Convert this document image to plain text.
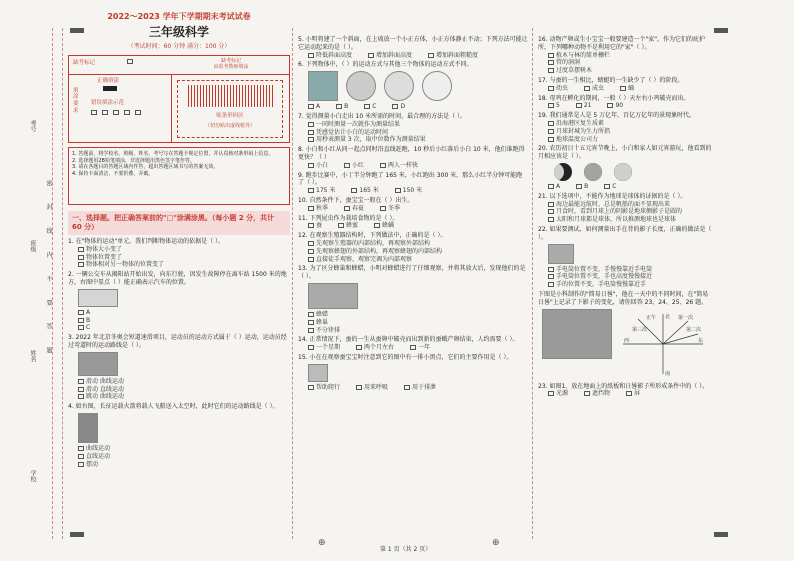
⊕	⊕
考号
班级
姓名
学校
密 封 线 内 不 要 答 题
2022～2023 学年下学期期末考试试卷
三年级科学
（考试时间：60 分钟 满分：100 分）
缺考标记	缺考标记
由监考教师填涂
填涂要求
正确填涂
错误填涂示范
贴条形码区
（切勿贴出虚线框外）
1. 答题前，将学校名、班级、姓名、考号写在答题卡规定位置，并认真核对条形码上信息。
2. 选择题用2B铅笔填涂，非选择题用黑色签字笔作答。
3. 请在各题目的答题区域内作答，超出答题区域书写的答案无效。
4. 保持卡面清洁，不要折叠、弄破。
一、选择题。把正确答案前的"□"涂满涂黑。（每小题 2 分，共计 60 分）
1. 在"物体的运动"单元，我们判断物体运动的依据是（ ）。
物体大小变了
物体位置变了
物体相对另一物体的位置变了
2. 一辆公交车从揭阳站开始出发，向东行驶，因发生故障停在离车站 1500 米的地方，右图中显点（ ）能正确表示汽车的位置。
A
B
C
3. 2022 年北京冬奥会短道速滑项目，运动员的运动方式属于（ ）运动，运动员经过弯道时的运动路线是（ ）。
滑动 曲线运动
滑动 直线运动
跳动 曲线运动
4. 如右图，长征运载火箭将载人飞船送入太空时，此时它们的运动路线是（ ）。
曲线运动
直线运动
摆动
5. 小明将建了一个斜面，在上坡放一个小正方体，小正方体静止不动；下列方法可能让它运动起来的是（ ）。
降低斜面高度	增加斜面高度	增加斜面粗糙度
6. 下列物体中，（ ）的运动方式与其他三个物体的运动方式不同。
A	B	C	D
7. 觉得测量小白走出 10 米所需的时间，最合理的方法是（ ）。
一同时测量一次就作为测量结果
凭感觉估计小白的运动时间
用秒表测量 3 次，取中位数作为测量结果
8. 小白和小红从同一起点同时沿直线赶跑，10 秒后小红落后小白 10 米，他们谁跑得更快？（ ）
小白	小红	两人一样快
9. 跑步比赛中，小丁半分钟跑了 165 米，小红跑出 300 米，那么小红半分钟可能跑了（ ）。
175 米	165 米	150 米
10. 自然条件下，蚕宝宝一般在（ ）出生。
秋季	春夏	冬季
11. 下列昆虫作为栽培食物的是（ ）。
蚕	蜂蜜	蜂螨
12. 在观察生殖器结构时，下列做法中，正确的是（ ）。
先观察生殖器的内部结构，再观察外部结构
先观察蜂翅的外部结构，再观察蜂翅的内部结构
直接徒手观察，观察完调为内部观察
13. 为了区分蜂巢和蜂蜡，小明对蜂蜡进行了仔细观察，并将其放大后，发现他们的是（ ）。
蜂蜡
蜂巢
不分律排
14. 正常情况下，蚕的一生从蚕卵中破壳而出到新的蚕蛾产卵结束，人约需要（ ）。
一个星期	两个月左右	一年
15. 小在在观察蚕宝宝时注意到它的图中有一排小黑点，它们的主要作用是（ ）。
帮助爬行	用来呼吸	用于排泄
16. 动物产卵或生小宝宝一般要建造一个"家"，作为它们的庇护所，下列哪种动物不是利用它的"家"（ ）。
植木与林的简单栅栏
管的洞洞
过度草摆树木
17. 与蚕的一生相比，蜻蜓的一生缺少了（ ）的阶段。
幼虫	成虫	蛹
18. 母鸡在孵化的期间，一般（ ）天左右小鸡破壳而出。
5	21	90
19. 我们通常是人是 5 万亿年，百亿万亿年的景现象时代。
沿海港区复生质素
月球封城为生力所指
地球温度公司力
20. 农历初日十五元宵节晚上，小白和家人如元宵游玩，他看到的月相应该是（ ）。
A	B	C
21. 以下选项中，不能作为地球是球体的证据的是（ ）。
海边最能远航时，总是帆船的面不显现出来
月食时，看到月球上的阴影是地球侧影子是圆的
太阳和月球都是球体，所以推测地球也是球体
22. 如果要测试，如何测量出手在背的影子长度，正确的做法是（ ）。
手电筒位置不变，手慢慢靠近手电筒
手电筒位置不变，手也高度慢慢接近
手的位置不变，手电筒慢慢靠近手
下图是小科制作的"简易日晷"，他在一天中的不同时间，在"简易日晷"上记录了下影子的变化，请你回答 23、24、25、26 题。
东
北
南
西
正午	第一次
第二次
第三次
23. 如图1，放在地面上的纸板和日晷影子所形成条件中的（ ）。
光源	遮挡物	屏
第 1 页（共 2 页）
